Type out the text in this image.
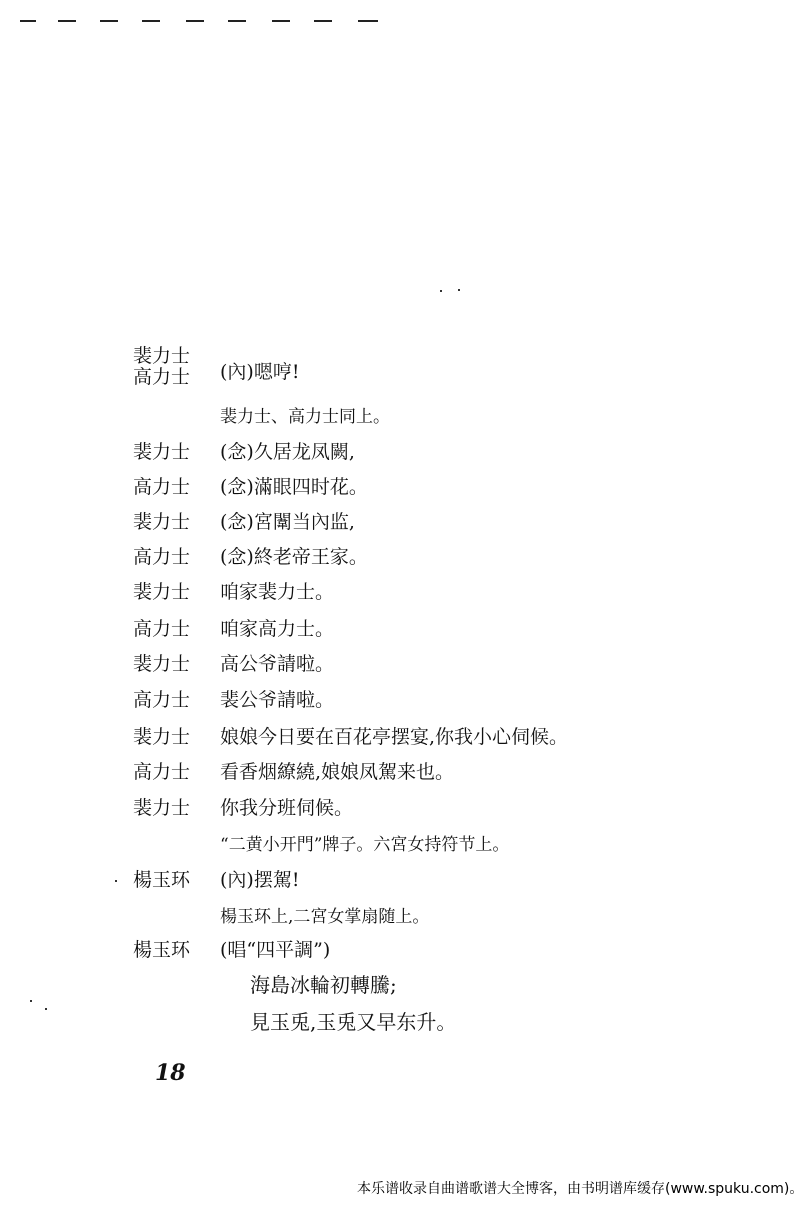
裴力士
高力士 (內)嗯哼!
裴力士、高力士同上。
裴力士 (念)久居龙凤闕,
高力士 (念)滿眼四时花。
裴力士 (念)宮闈当內监,
高力士 (念)終老帝王家。
裴力士 咱家裴力士。
高力士 咱家高力士。
裴力士 高公爷請啦。
高力士 裴公爷請啦。
裴力士 娘娘今日要在百花亭摆宴,你我小心伺候。
高力士 看香烟繚繞,娘娘凤駕来也。
裴力士 你我分班伺候。
“二黄小开門”牌子。六宮女持符节上。
楊玉环 (內)摆駕!
楊玉环上,二宮女掌扇随上。
楊玉环 (唱“四平調”)
海島冰輪初轉騰;
見玉兎,玉兎又早东升。
18
本乐谱收录自曲谱歌谱大全博客，由书明谱库缓存(www.spuku.com)。
